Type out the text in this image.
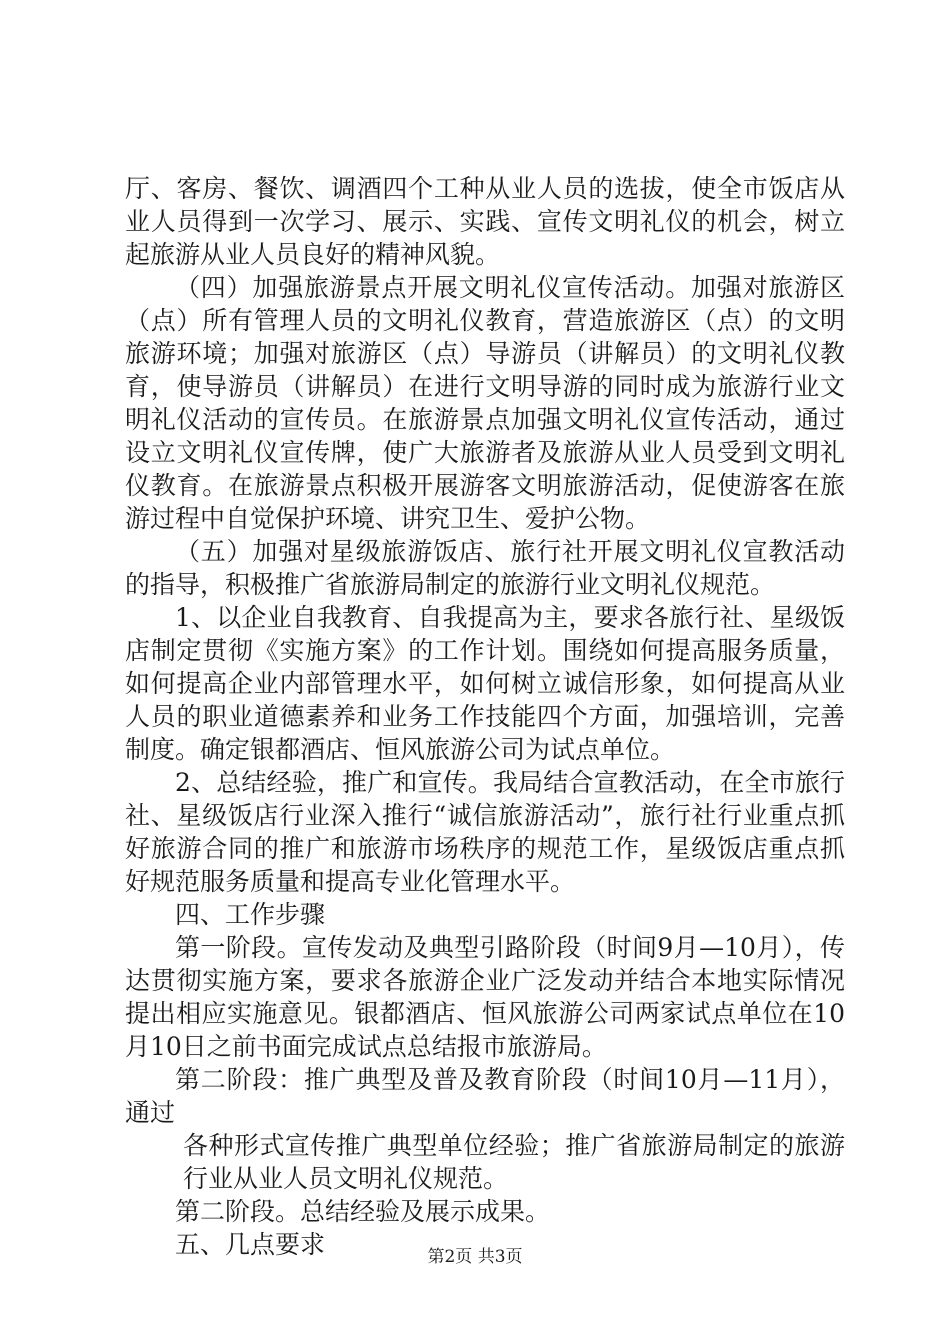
厅、客房、餐饮、调酒四个工种从业人员的选拔，使全市饭店从业人员得到一次学习、展示、实践、宣传文明礼仪的机会，树立起旅游从业人员良好的精神风貌。

（四）加强旅游景点开展文明礼仪宣传活动。加强对旅游区（点）所有管理人员的文明礼仪教育，营造旅游区（点）的文明旅游环境；加强对旅游区（点）导游员（讲解员）的文明礼仪教育，使导游员（讲解员）在进行文明导游的同时成为旅游行业文明礼仪活动的宣传员。在旅游景点加强文明礼仪宣传活动，通过设立文明礼仪宣传牌，使广大旅游者及旅游从业人员受到文明礼仪教育。在旅游景点积极开展游客文明旅游活动，促使游客在旅游过程中自觉保护环境、讲究卫生、爱护公物。

（五）加强对星级旅游饭店、旅行社开展文明礼仪宣教活动的指导，积极推广省旅游局制定的旅游行业文明礼仪规范。

1、以企业自我教育、自我提高为主，要求各旅行社、星级饭店制定贯彻《实施方案》的工作计划。围绕如何提高服务质量，如何提高企业内部管理水平，如何树立诚信形象，如何提高从业人员的职业道德素养和业务工作技能四个方面，加强培训，完善制度。确定银都酒店、恒风旅游公司为试点单位。

2、总结经验，推广和宣传。我局结合宣教活动，在全市旅行社、星级饭店行业深入推行“诚信旅游活动”，旅行社行业重点抓好旅游合同的推广和旅游市场秩序的规范工作，星级饭店重点抓好规范服务质量和提高专业化管理水平。

四、工作步骤

第一阶段。宣传发动及典型引路阶段（时间9月—10月），传达贯彻实施方案，要求各旅游企业广泛发动并结合本地实际情况提出相应实施意见。银都酒店、恒风旅游公司两家试点单位在10月10日之前书面完成试点总结报市旅游局。

第二阶段：推广典型及普及教育阶段（时间10月—11月），通过

各种形式宣传推广典型单位经验；推广省旅游局制定的旅游行业从业人员文明礼仪规范。

第二阶段。总结经验及展示成果。

五、几点要求	第2页 共3页
